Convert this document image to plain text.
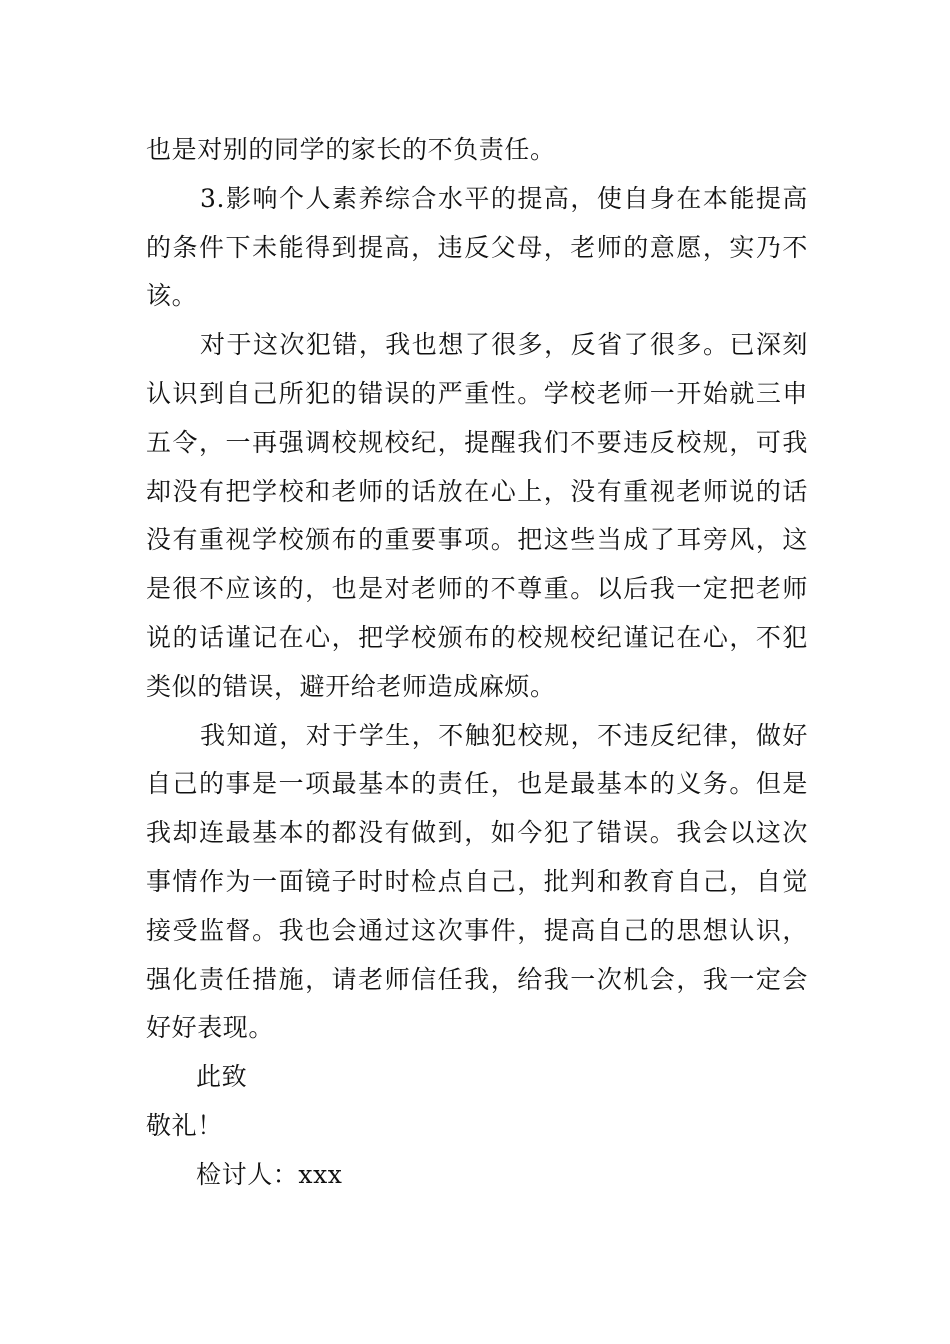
也是对别的同学的家长的不负责任。

3.影响个人素养综合水平的提高，使自身在本能提高的条件下未能得到提高，违反父母，老师的意愿，实乃不该。

对于这次犯错，我也想了很多，反省了很多。已深刻认识到自己所犯的错误的严重性。学校老师一开始就三申五令，一再强调校规校纪，提醒我们不要违反校规，可我却没有把学校和老师的话放在心上，没有重视老师说的话没有重视学校颁布的重要事项。把这些当成了耳旁风，这是很不应该的，也是对老师的不尊重。以后我一定把老师说的话谨记在心，把学校颁布的校规校纪谨记在心，不犯类似的错误，避开给老师造成麻烦。

我知道，对于学生，不触犯校规，不违反纪律，做好自己的事是一项最基本的责任，也是最基本的义务。但是我却连最基本的都没有做到，如今犯了错误。我会以这次事情作为一面镜子时时检点自己，批判和教育自己，自觉接受监督。我也会通过这次事件，提高自己的思想认识，强化责任措施，请老师信任我，给我一次机会，我一定会好好表现。

此致

敬礼！

检讨人：xxx
